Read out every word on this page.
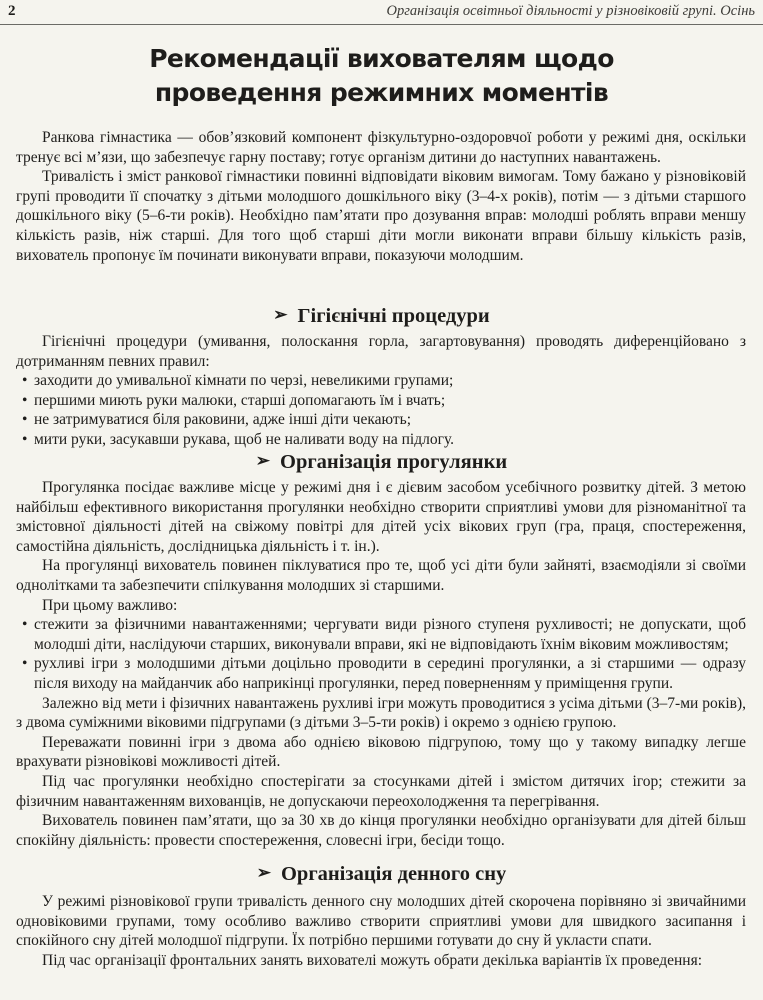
2	Організація освітньої діяльності у різновіковій групі. Осінь
Рекомендації вихователям щодо
проведення режимних моментів

Ранкова гімнастика — обов’язковий компонент фізкультурно-оздоровчої роботи у режимі дня, оскільки тренує всі м’язи, що забезпечує гарну поставу; готує організм дитини до наступних навантажень.

Тривалість і зміст ранкової гімнастики повинні відповідати віковим вимогам. Тому бажано у різновіковій групі проводити її спочатку з дітьми молодшого дошкільного віку (3–4-х років), потім — з дітьми старшого дошкільного віку (5–6-ти років). Необхідно пам’ятати про дозування вправ: молодші роблять вправи меншу кількість разів, ніж старші. Для того щоб старші діти могли виконати вправи більшу кількість разів, вихователь пропонує їм починати виконувати вправи, показуючи молодшим.

➢ Гігієнічні процедури

Гігієнічні процедури (умивання, полоскання горла, загартовування) проводять диференційовано з дотриманням певних правил:

• заходити до умивальної кімнати по черзі, невеликими групами;
• першими миють руки малюки, старші допомагають їм і вчать;
• не затримуватися біля раковини, адже інші діти чекають;
• мити руки, засукавши рукава, щоб не наливати воду на підлогу.
➢ Організація прогулянки

Прогулянка посідає важливе місце у режимі дня і є дієвим засобом усебічного розвитку дітей. З метою найбільш ефективного використання прогулянки необхідно створити сприятливі умови для різноманітної та змістовної діяльності дітей на свіжому повітрі для дітей усіх вікових груп (гра, праця, спостереження, самостійна діяльність, дослідницька діяльність і т. ін.).

На прогулянці вихователь повинен піклуватися про те, щоб усі діти були зайняті, взаємодіяли зі своїми однолітками та забезпечити спілкування молодших зі старшими.

При цьому важливо:

• стежити за фізичними навантаженнями; чергувати види різного ступеня рухливості; не допускати, щоб молодші діти, наслідуючи старших, виконували вправи, які не відповідають їхнім віковим можливостям;
• рухливі ігри з молодшими дітьми доцільно проводити в середині прогулянки, а зі старшими — одразу після виходу на майданчик або наприкінці прогулянки, перед поверненням у приміщення групи.

Залежно від мети і фізичних навантажень рухливі ігри можуть проводитися з усіма дітьми (3–7-ми років), з двома суміжними віковими підгрупами (з дітьми 3–5-ти років) і окремо з однією групою.

Переважати повинні ігри з двома або однією віковою підгрупою, тому що у такому випадку легше врахувати різновікові можливості дітей.

Під час прогулянки необхідно спостерігати за стосунками дітей і змістом дитячих ігор; стежити за фізичним навантаженням вихованців, не допускаючи переохолодження та перегрівання.

Вихователь повинен пам’ятати, що за 30 хв до кінця прогулянки необхідно організувати для дітей більш спокійну діяльність: провести спостереження, словесні ігри, бесіди тощо.

➢ Організація денного сну

У режимі різновікової групи тривалість денного сну молодших дітей скорочена порівняно зі звичайними одновіковими групами, тому особливо важливо створити сприятливі умови для швидкого засипання і спокійного сну дітей молодшої підгрупи. Їх потрібно першими готувати до сну й укласти спати.

Під час організації фронтальних занять вихователі можуть обрати декілька варіантів їх проведення:
